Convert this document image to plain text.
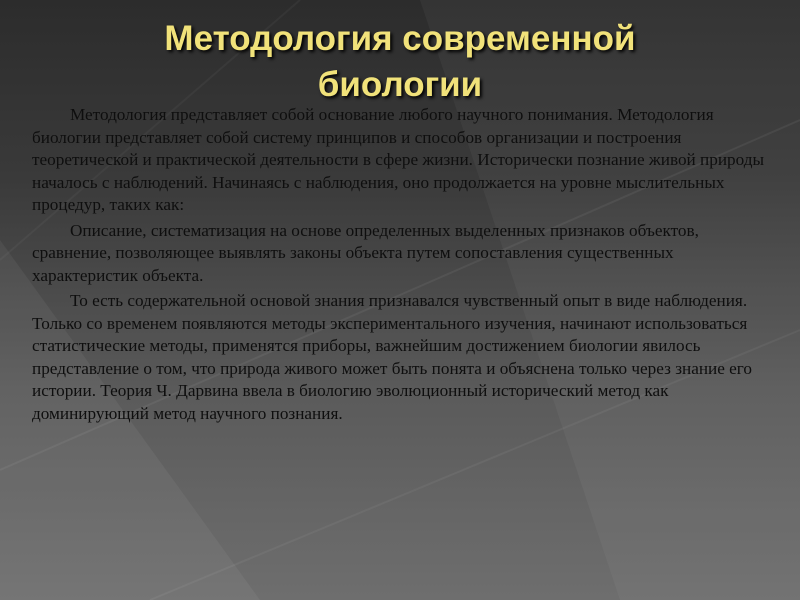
Методология современной
биологии

Методология представляет собой основание любого научного понимания. Методология биологии представляет собой систему принципов и способов организации и построения теоретической и практической деятельности в сфере жизни. Исторически познание живой природы началось с наблюдений. Начинаясь с наблюдения, оно продолжается на уровне мыслительных процедур, таких как:

Описание, систематизация на основе определенных выделенных признаков объектов, сравнение, позволяющее выявлять законы объекта путем сопоставления существенных характеристик объекта.

То есть содержательной основой знания признавался чувственный опыт в виде наблюдения. Только со временем появляются методы экспериментального изучения, начинают использоваться статистические методы, применятся приборы, важнейшим достижением биологии явилось представление о том, что природа живого может быть понята и объяснена только через знание его истории. Теория Ч. Дарвина ввела в биологию эволюционный исторический метод как доминирующий метод научного познания.
